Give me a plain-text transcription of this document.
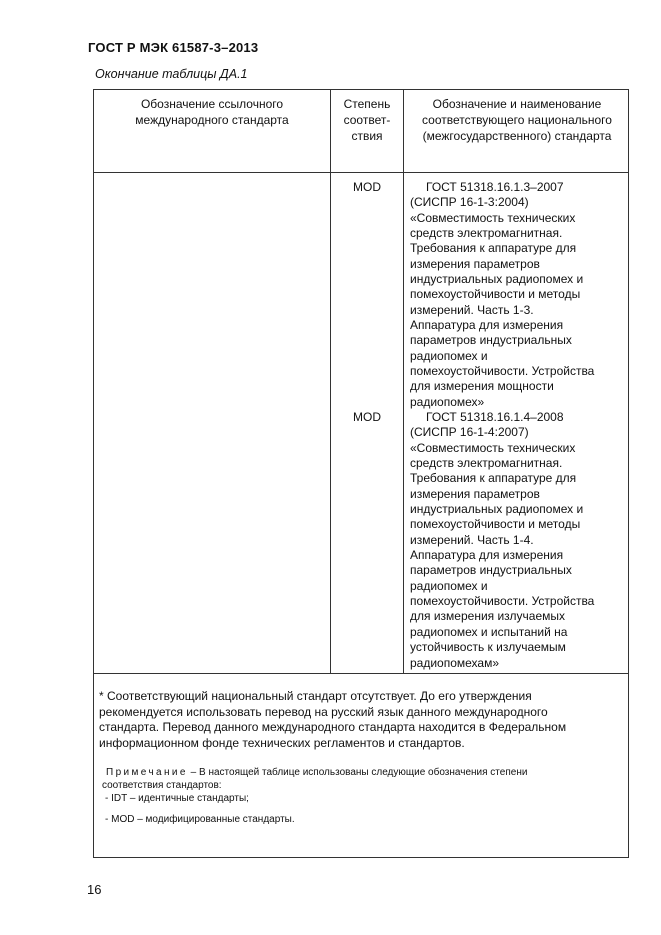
ГОСТ Р МЭК 61587-3–2013
Окончание таблицы ДА.1
Обозначение ссылочного
международного стандарта
Степень
соответ-
ствия
Обозначение и наименование
соответствующего национального
(межгосударственного) стандарта
MOD	ГОСТ 51318.16.1.3–2007
(СИСПР 16-1-3:2004)
«Совместимость технических
средств электромагнитная.
Требования к аппаратуре для
измерения параметров
индустриальных радиопомех и
помехоустойчивости и методы
измерений. Часть 1-3.
Аппаратура для измерения
параметров индустриальных
радиопомех и
помехоустойчивости. Устройства
для измерения мощности
радиопомех»
MOD	ГОСТ 51318.16.1.4–2008
(СИСПР 16-1-4:2007)
«Совместимость технических
средств электромагнитная.
Требования к аппаратуре для
измерения параметров
индустриальных радиопомех и
помехоустойчивости и методы
измерений. Часть 1-4.
Аппаратура для измерения
параметров индустриальных
радиопомех и
помехоустойчивости. Устройства
для измерения излучаемых
радиопомех и испытаний на
устойчивость к излучаемым
радиопомехам»
* Соответствующий национальный стандарт отсутствует. До его утверждения
рекомендуется использовать перевод на русский язык данного международного
стандарта. Перевод данного международного стандарта находится в Федеральном
информационном фонде технических регламентов и стандартов.
Примечание – В настоящей таблице использованы следующие обозначения степени
соответствия стандартов:
- IDT – идентичные стандарты;
- MOD – модифицированные стандарты.
16
